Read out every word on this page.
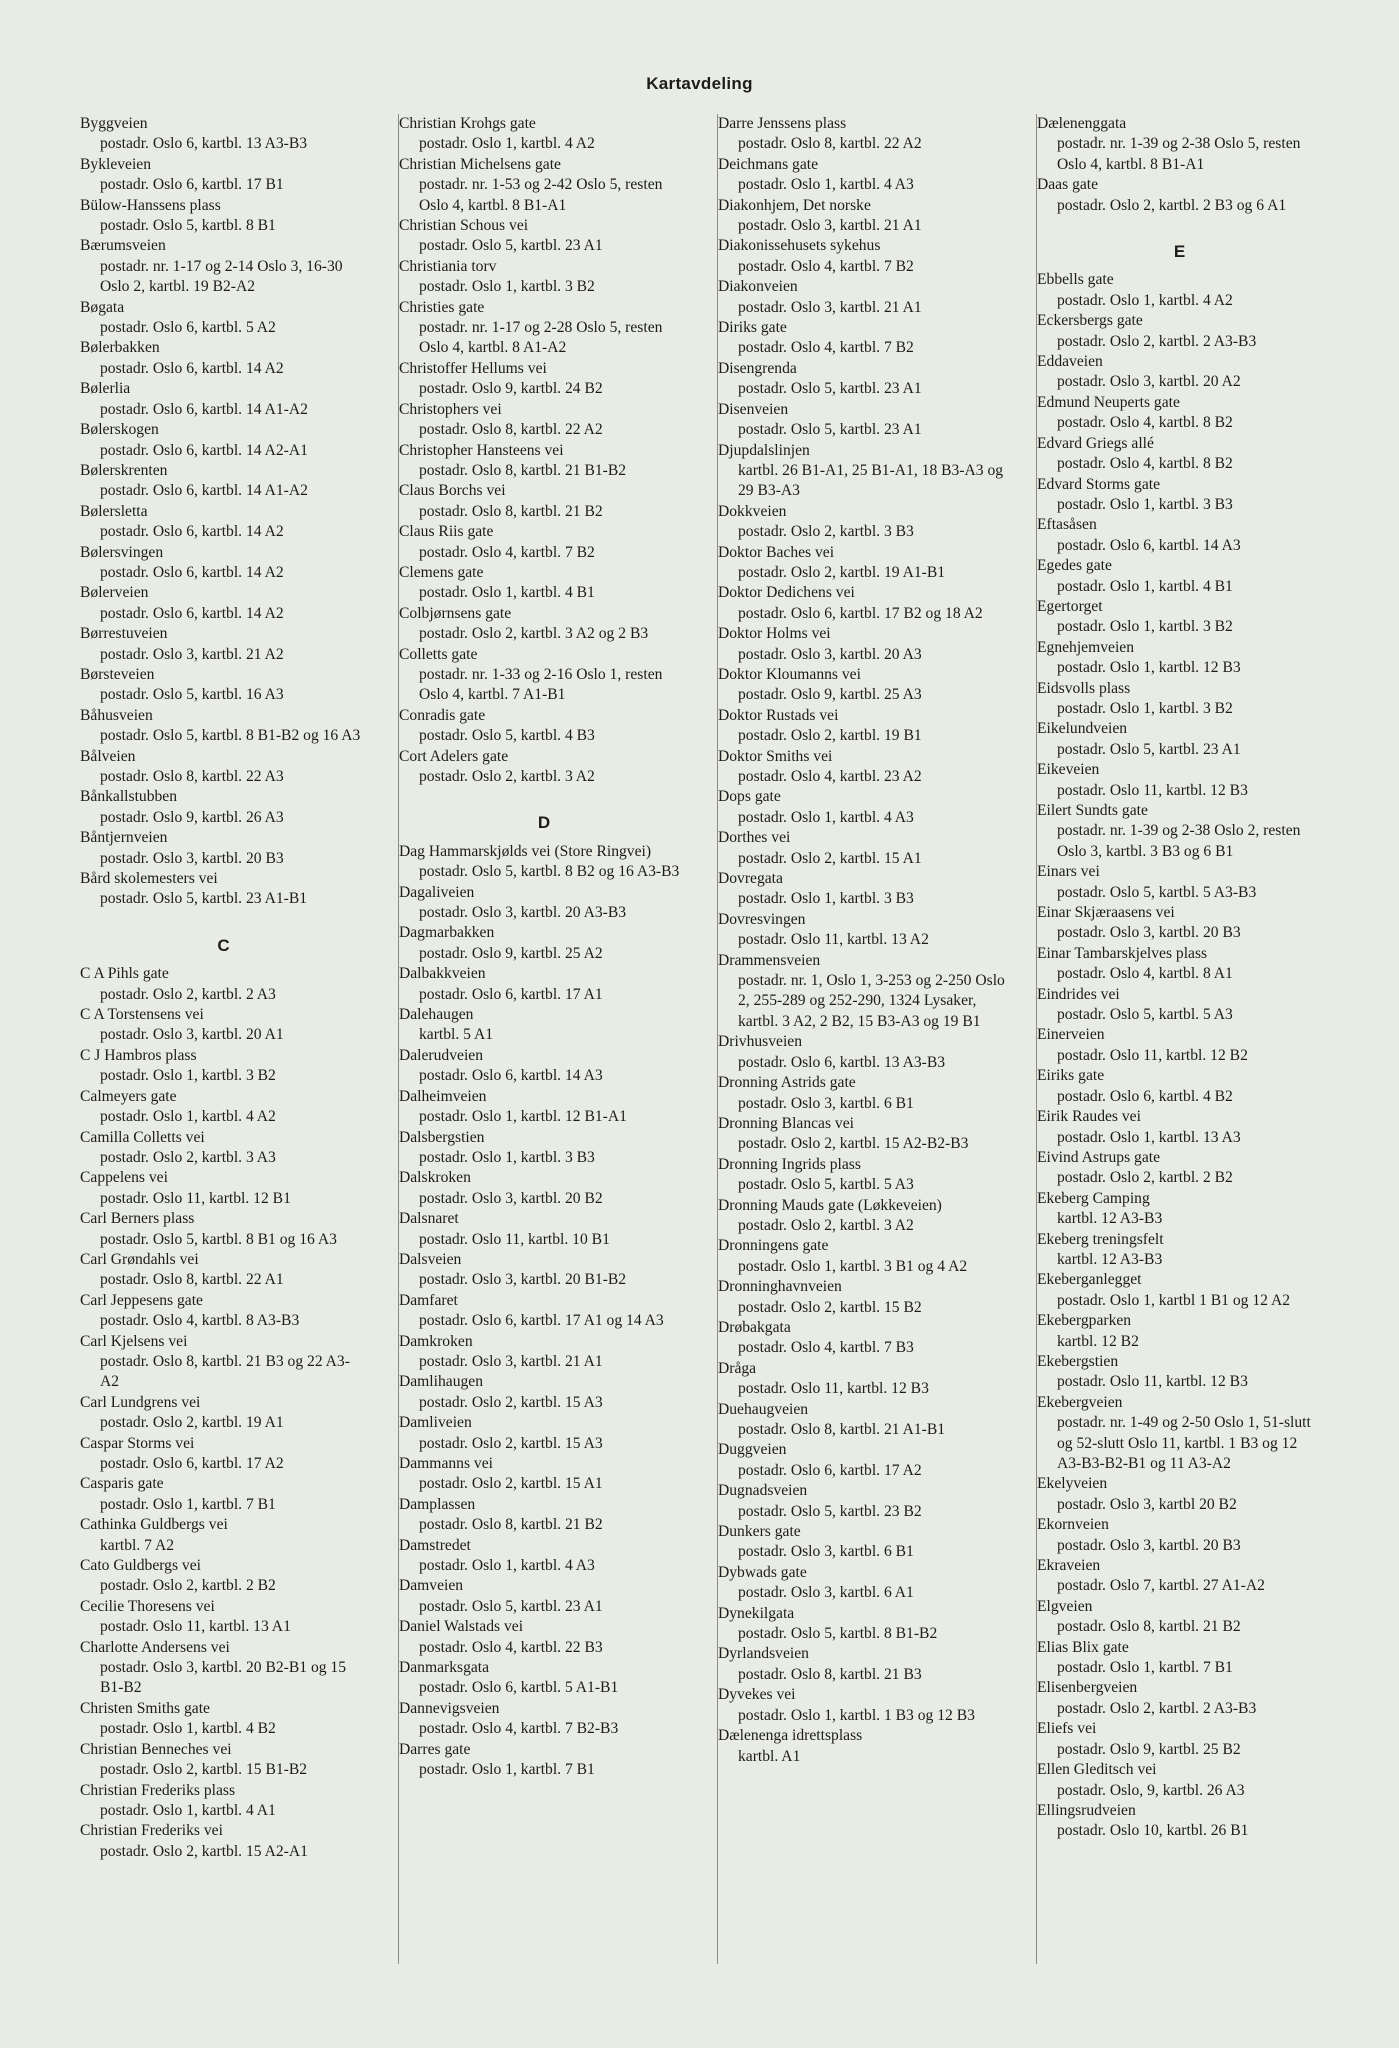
Kartavdeling
Byggveien
postadr. Oslo 6, kartbl. 13 A3-B3
Bykleveien
postadr. Oslo 6, kartbl. 17 B1
Bülow-Hanssens plass
postadr. Oslo 5, kartbl. 8 B1
Bærumsveien
postadr. nr. 1-17 og 2-14 Oslo 3, 16-30 Oslo 2, kartbl. 19 B2-A2
Bøgata
postadr. Oslo 6, kartbl. 5 A2
Bølerbakken
postadr. Oslo 6, kartbl. 14 A2
Bølerlia
postadr. Oslo 6, kartbl. 14 A1-A2
Bølerskogen
postadr. Oslo 6, kartbl. 14 A2-A1
Bølerskrenten
postadr. Oslo 6, kartbl. 14 A1-A2
Bølersletta
postadr. Oslo 6, kartbl. 14 A2
Bølersvingen
postadr. Oslo 6, kartbl. 14 A2
Bølerveien
postadr. Oslo 6, kartbl. 14 A2
Børrestuveien
postadr. Oslo 3, kartbl. 21 A2
Børsteveien
postadr. Oslo 5, kartbl. 16 A3
Båhusveien
postadr. Oslo 5, kartbl. 8 B1-B2 og 16 A3
Bålveien
postadr. Oslo 8, kartbl. 22 A3
Bånkallstubben
postadr. Oslo 9, kartbl. 26 A3
Båntjernveien
postadr. Oslo 3, kartbl. 20 B3
Bård skolemesters vei
postadr. Oslo 5, kartbl. 23 A1-B1
C
C A Pihls gate
postadr. Oslo 2, kartbl. 2 A3
C A Torstensens vei
postadr. Oslo 3, kartbl. 20 A1
C J Hambros plass
postadr. Oslo 1, kartbl. 3 B2
Calmeyers gate
postadr. Oslo 1, kartbl. 4 A2
Camilla Colletts vei
postadr. Oslo 2, kartbl. 3 A3
Cappelens vei
postadr. Oslo 11, kartbl. 12 B1
Carl Berners plass
postadr. Oslo 5, kartbl. 8 B1 og 16 A3
Carl Grøndahls vei
postadr. Oslo 8, kartbl. 22 A1
Carl Jeppesens gate
postadr. Oslo 4, kartbl. 8 A3-B3
Carl Kjelsens vei
postadr. Oslo 8, kartbl. 21 B3 og 22 A3-A2
Carl Lundgrens vei
postadr. Oslo 2, kartbl. 19 A1
Caspar Storms vei
postadr. Oslo 6, kartbl. 17 A2
Casparis gate
postadr. Oslo 1, kartbl. 7 B1
Cathinka Guldbergs vei
kartbl. 7 A2
Cato Guldbergs vei
postadr. Oslo 2, kartbl. 2 B2
Cecilie Thoresens vei
postadr. Oslo 11, kartbl. 13 A1
Charlotte Andersens vei
postadr. Oslo 3, kartbl. 20 B2-B1 og 15 B1-B2
Christen Smiths gate
postadr. Oslo 1, kartbl. 4 B2
Christian Benneches vei
postadr. Oslo 2, kartbl. 15 B1-B2
Christian Frederiks plass
postadr. Oslo 1, kartbl. 4 A1
Christian Frederiks vei
postadr. Oslo 2, kartbl. 15 A2-A1
Christian Krohgs gate
postadr. Oslo 1, kartbl. 4 A2
Christian Michelsens gate
postadr. nr. 1-53 og 2-42 Oslo 5, resten Oslo 4, kartbl. 8 B1-A1
Christian Schous vei
postadr. Oslo 5, kartbl. 23 A1
Christiania torv
postadr. Oslo 1, kartbl. 3 B2
Christies gate
postadr. nr. 1-17 og 2-28 Oslo 5, resten Oslo 4, kartbl. 8 A1-A2
Christoffer Hellums vei
postadr. Oslo 9, kartbl. 24 B2
Christophers vei
postadr. Oslo 8, kartbl. 22 A2
Christopher Hansteens vei
postadr. Oslo 8, kartbl. 21 B1-B2
Claus Borchs vei
postadr. Oslo 8, kartbl. 21 B2
Claus Riis gate
postadr. Oslo 4, kartbl. 7 B2
Clemens gate
postadr. Oslo 1, kartbl. 4 B1
Colbjørnsens gate
postadr. Oslo 2, kartbl. 3 A2 og 2 B3
Colletts gate
postadr. nr. 1-33 og 2-16 Oslo 1, resten Oslo 4, kartbl. 7 A1-B1
Conradis gate
postadr. Oslo 5, kartbl. 4 B3
Cort Adelers gate
postadr. Oslo 2, kartbl. 3 A2
D
Dag Hammarskjølds vei (Store Ringvei)
postadr. Oslo 5, kartbl. 8 B2 og 16 A3-B3
Dagaliveien
postadr. Oslo 3, kartbl. 20 A3-B3
Dagmarbakken
postadr. Oslo 9, kartbl. 25 A2
Dalbakkveien
postadr. Oslo 6, kartbl. 17 A1
Dalehaugen
kartbl. 5 A1
Dalerudveien
postadr. Oslo 6, kartbl. 14 A3
Dalheimveien
postadr. Oslo 1, kartbl. 12 B1-A1
Dalsbergstien
postadr. Oslo 1, kartbl. 3 B3
Dalskroken
postadr. Oslo 3, kartbl. 20 B2
Dalsnaret
postadr. Oslo 11, kartbl. 10 B1
Dalsveien
postadr. Oslo 3, kartbl. 20 B1-B2
Damfaret
postadr. Oslo 6, kartbl. 17 A1 og 14 A3
Damkroken
postadr. Oslo 3, kartbl. 21 A1
Damlihaugen
postadr. Oslo 2, kartbl. 15 A3
Damliveien
postadr. Oslo 2, kartbl. 15 A3
Dammanns vei
postadr. Oslo 2, kartbl. 15 A1
Damplassen
postadr. Oslo 8, kartbl. 21 B2
Damstredet
postadr. Oslo 1, kartbl. 4 A3
Damveien
postadr. Oslo 5, kartbl. 23 A1
Daniel Walstads vei
postadr. Oslo 4, kartbl. 22 B3
Danmarksgata
postadr. Oslo 6, kartbl. 5 A1-B1
Dannevigsveien
postadr. Oslo 4, kartbl. 7 B2-B3
Darres gate
postadr. Oslo 1, kartbl. 7 B1
Darre Jenssens plass
postadr. Oslo 8, kartbl. 22 A2
Deichmans gate
postadr. Oslo 1, kartbl. 4 A3
Diakonhjem, Det norske
postadr. Oslo 3, kartbl. 21 A1
Diakonissehusets sykehus
postadr. Oslo 4, kartbl. 7 B2
Diakonveien
postadr. Oslo 3, kartbl. 21 A1
Diriks gate
postadr. Oslo 4, kartbl. 7 B2
Disengrenda
postadr. Oslo 5, kartbl. 23 A1
Disenveien
postadr. Oslo 5, kartbl. 23 A1
Djupdalslinjen
kartbl. 26 B1-A1, 25 B1-A1, 18 B3-A3 og 29 B3-A3
Dokkveien
postadr. Oslo 2, kartbl. 3 B3
Doktor Baches vei
postadr. Oslo 2, kartbl. 19 A1-B1
Doktor Dedichens vei
postadr. Oslo 6, kartbl. 17 B2 og 18 A2
Doktor Holms vei
postadr. Oslo 3, kartbl. 20 A3
Doktor Kloumanns vei
postadr. Oslo 9, kartbl. 25 A3
Doktor Rustads vei
postadr. Oslo 2, kartbl. 19 B1
Doktor Smiths vei
postadr. Oslo 4, kartbl. 23 A2
Dops gate
postadr. Oslo 1, kartbl. 4 A3
Dorthes vei
postadr. Oslo 2, kartbl. 15 A1
Dovregata
postadr. Oslo 1, kartbl. 3 B3
Dovresvingen
postadr. Oslo 11, kartbl. 13 A2
Drammensveien
postadr. nr. 1, Oslo 1, 3-253 og 2-250 Oslo 2, 255-289 og 252-290, 1324 Lysaker, kartbl. 3 A2, 2 B2, 15 B3-A3 og 19 B1
Drivhusveien
postadr. Oslo 6, kartbl. 13 A3-B3
Dronning Astrids gate
postadr. Oslo 3, kartbl. 6 B1
Dronning Blancas vei
postadr. Oslo 2, kartbl. 15 A2-B2-B3
Dronning Ingrids plass
postadr. Oslo 5, kartbl. 5 A3
Dronning Mauds gate (Løkkeveien)
postadr. Oslo 2, kartbl. 3 A2
Dronningens gate
postadr. Oslo 1, kartbl. 3 B1 og 4 A2
Dronninghavnveien
postadr. Oslo 2, kartbl. 15 B2
Drøbakgata
postadr. Oslo 4, kartbl. 7 B3
Dråga
postadr. Oslo 11, kartbl. 12 B3
Duehaugveien
postadr. Oslo 8, kartbl. 21 A1-B1
Duggveien
postadr. Oslo 6, kartbl. 17 A2
Dugnadsveien
postadr. Oslo 5, kartbl. 23 B2
Dunkers gate
postadr. Oslo 3, kartbl. 6 B1
Dybwads gate
postadr. Oslo 3, kartbl. 6 A1
Dynekilgata
postadr. Oslo 5, kartbl. 8 B1-B2
Dyrlandsveien
postadr. Oslo 8, kartbl. 21 B3
Dyvekes vei
postadr. Oslo 1, kartbl. 1 B3 og 12 B3
Dælenenga idrettsplass
kartbl. A1
Dælenenggata
postadr. nr. 1-39 og 2-38 Oslo 5, resten Oslo 4, kartbl. 8 B1-A1
Daas gate
postadr. Oslo 2, kartbl. 2 B3 og 6 A1
E
Ebbells gate
postadr. Oslo 1, kartbl. 4 A2
Eckersbergs gate
postadr. Oslo 2, kartbl. 2 A3-B3
Eddaveien
postadr. Oslo 3, kartbl. 20 A2
Edmund Neuperts gate
postadr. Oslo 4, kartbl. 8 B2
Edvard Griegs allé
postadr. Oslo 4, kartbl. 8 B2
Edvard Storms gate
postadr. Oslo 1, kartbl. 3 B3
Eftasåsen
postadr. Oslo 6, kartbl. 14 A3
Egedes gate
postadr. Oslo 1, kartbl. 4 B1
Egertorget
postadr. Oslo 1, kartbl. 3 B2
Egnehjemveien
postadr. Oslo 1, kartbl. 12 B3
Eidsvolls plass
postadr. Oslo 1, kartbl. 3 B2
Eikelundveien
postadr. Oslo 5, kartbl. 23 A1
Eikeveien
postadr. Oslo 11, kartbl. 12 B3
Eilert Sundts gate
postadr. nr. 1-39 og 2-38 Oslo 2, resten Oslo 3, kartbl. 3 B3 og 6 B1
Einars vei
postadr. Oslo 5, kartbl. 5 A3-B3
Einar Skjæraasens vei
postadr. Oslo 3, kartbl. 20 B3
Einar Tambarskjelves plass
postadr. Oslo 4, kartbl. 8 A1
Eindrides vei
postadr. Oslo 5, kartbl. 5 A3
Einerveien
postadr. Oslo 11, kartbl. 12 B2
Eiriks gate
postadr. Oslo 6, kartbl. 4 B2
Eirik Raudes vei
postadr. Oslo 1, kartbl. 13 A3
Eivind Astrups gate
postadr. Oslo 2, kartbl. 2 B2
Ekeberg Camping
kartbl. 12 A3-B3
Ekeberg treningsfelt
kartbl. 12 A3-B3
Ekeberganlegget
postadr. Oslo 1, kartbl 1 B1 og 12 A2
Ekebergparken
kartbl. 12 B2
Ekebergstien
postadr. Oslo 11, kartbl. 12 B3
Ekebergveien
postadr. nr. 1-49 og 2-50 Oslo 1, 51-slutt og 52-slutt Oslo 11, kartbl. 1 B3 og 12 A3-B3-B2-B1 og 11 A3-A2
Ekelyveien
postadr. Oslo 3, kartbl 20 B2
Ekornveien
postadr. Oslo 3, kartbl. 20 B3
Ekraveien
postadr. Oslo 7, kartbl. 27 A1-A2
Elgveien
postadr. Oslo 8, kartbl. 21 B2
Elias Blix gate
postadr. Oslo 1, kartbl. 7 B1
Elisenbergveien
postadr. Oslo 2, kartbl. 2 A3-B3
Eliefs vei
postadr. Oslo 9, kartbl. 25 B2
Ellen Gleditsch vei
postadr. Oslo, 9, kartbl. 26 A3
Ellingsrudveien
postadr. Oslo 10, kartbl. 26 B1
